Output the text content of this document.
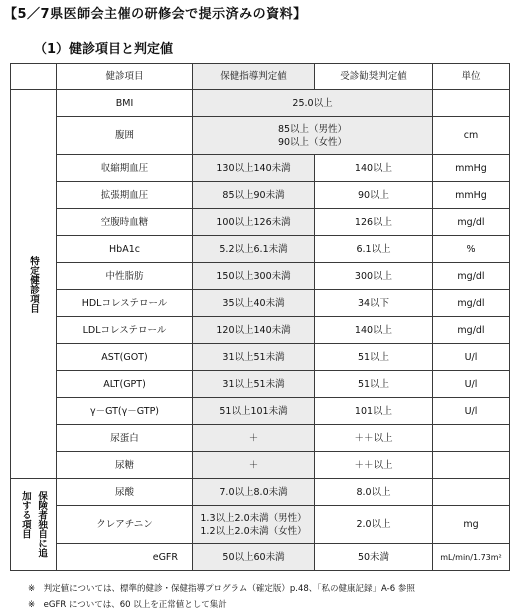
【5／7県医師会主催の研修会で提示済みの資料】
（1）健診項目と判定値
	健診項目	保健指導判定値	受診勧奨判定値	単位
特定健診項目	BMI	25.0以上		
	腹囲	85以上（男性）
90以上（女性）		cm
	収縮期血圧	130以上140未満	140以上	mmHg
	拡張期血圧	85以上90未満	90以上	mmHg
	空腹時血糖	100以上126未満	126以上	mg/dl
	HbA1c	5.2以上6.1未満	6.1以上	%
	中性脂肪	150以上300未満	300以上	mg/dl
	HDLコレステロール	35以上40未満	34以下	mg/dl
	LDLコレステロール	120以上140未満	140以上	mg/dl
	AST(GOT)	31以上51未満	51以上	U/l
	ALT(GPT)	31以上51未満	51以上	U/l
	γ－GT(γ－GTP)	51以上101未満	101以上	U/l
	尿蛋白	＋	＋＋以上	
	尿糖	＋	＋＋以上	
加する項目 保険者独自に追	尿酸	7.0以上8.0未満	8.0以上	
	クレアチニン	1.3以上2.0未満（男性）
1.2以上2.0未満（女性）	2.0以上	mg
	eGFR	50以上60未満	50未満	mL/min/1.73m²
※　判定値については、標準的健診・保健指導プログラム（確定版）p.48、「私の健康記録」A-6 参照
※　eGFR については、60 以上を正常値として集計
